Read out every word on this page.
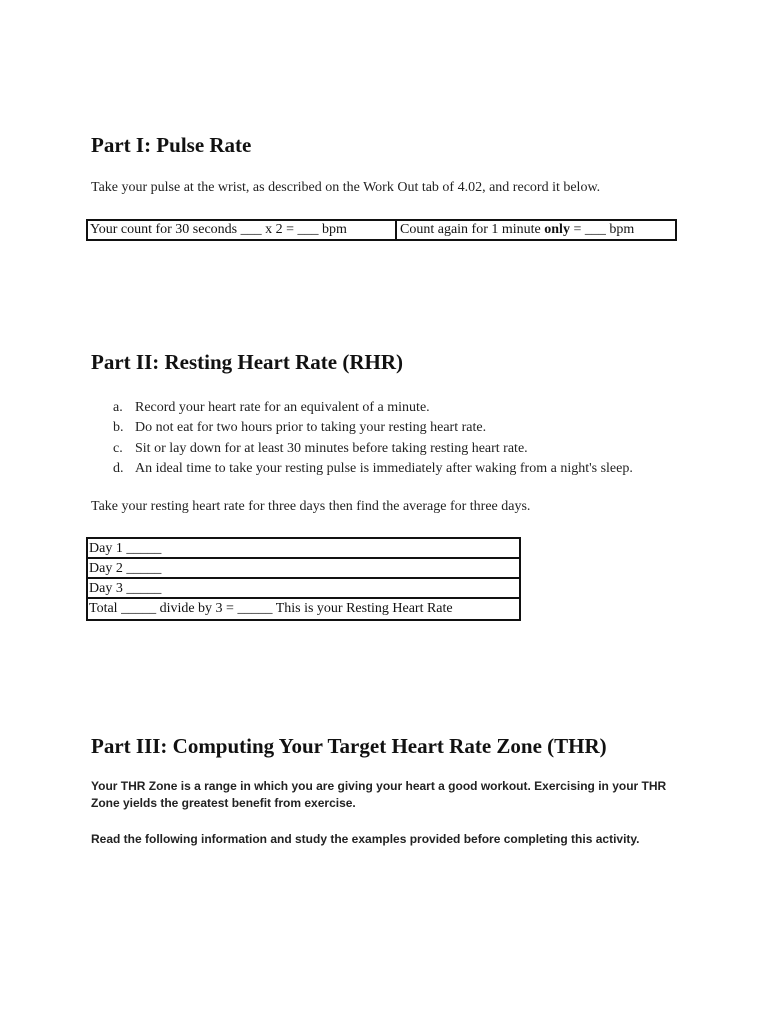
Part I: Pulse Rate

Take your pulse at the wrist, as described on the Work Out tab of 4.02, and record it below.

Your count for 30 seconds ___ x 2 = ___ bpm	Count again for 1 minute only = ___ bpm
Part II: Resting Heart Rate (RHR)
a. Record your heart rate for an equivalent of a minute.
b. Do not eat for two hours prior to taking your resting heart rate.
c. Sit or lay down for at least 30 minutes before taking resting heart rate.
d. An ideal time to take your resting pulse is immediately after waking from a night's sleep.

Take your resting heart rate for three days then find the average for three days.

Day 1 _____
Day 2 _____
Day 3 _____
Total _____ divide by 3 = _____ This is your Resting Heart Rate
Part III: Computing Your Target Heart Rate Zone (THR)

Your THR Zone is a range in which you are giving your heart a good workout. Exercising in your THR Zone yields the greatest benefit from exercise.

Read the following information and study the examples provided before completing this activity.
